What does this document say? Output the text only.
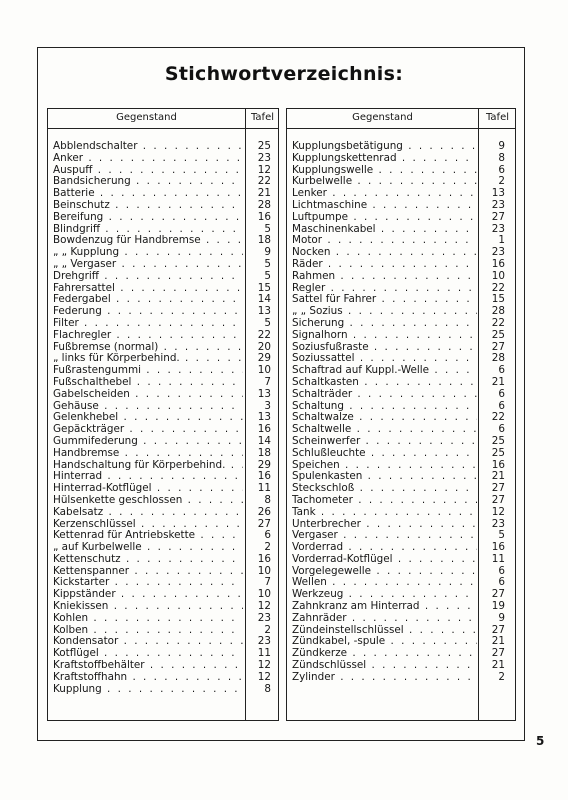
Stichwortverzeichnis:
Gegenstand	Tafel
Abblendschalter . . .	25
Anker . . .	23
Auspuff . . .	12
Bandsicherung . . .	22
Batterie . . .	21
Beinschutz . . .	28
Bereifung . . .	16
Blindgriff . . .	5
Bowdenzug für Handbremse . . .	18
„ „ Kupplung . . .	9
„ „ Vergaser . . .	5
Drehgriff . . .	5
Fahrersattel . . .	15
Federgabel . . .	14
Federung . . .	13
Filter . . .	5
Flachregler . . .	22
Fußbremse (normal) . . .	20
„ links für Körperbehind. . . .	29
Fußrastengummi . . .	10
Fußschalthebel . . .	7
Gabelscheiden . . .	13
Gehäuse . . .	3
Gelenkhebel . . .	13
Gepäckträger . . .	16
Gummifederung . . .	14
Handbremse . . .	18
Handschaltung für Körperbehind. . . .	29
Hinterrad . . .	16
Hinterrad-Kotflügel . . .	11
Hülsenkette geschlossen . . .	8
Kabelsatz . . .	26
Kerzenschlüssel . . .	27
Kettenrad für Antriebskette . . .	6
„ auf Kurbelwelle . . .	2
Kettenschutz . . .	16
Kettenspanner . . .	10
Kickstarter . . .	7
Kippständer . . .	10
Kniekissen . . .	12
Kohlen . . .	23
Kolben . . .	2
Kondensator . . .	23
Kotflügel . . .	11
Kraftstoffbehälter . . .	12
Kraftstoffhahn . . .	12
Kupplung . . .	8
Gegenstand	Tafel
Kupplungsbetätigung . . .	9
Kupplungskettenrad . . .	8
Kupplungswelle . . .	6
Kurbelwelle . . .	2
Lenker . . .	13
Lichtmaschine . . .	23
Luftpumpe . . .	27
Maschinenkabel . . .	23
Motor . . .	1
Nocken . . .	23
Räder . . .	16
Rahmen . . .	10
Regler . . .	22
Sattel für Fahrer . . .	15
„ „ Sozius . . .	28
Sicherung . . .	22
Signalhorn . . .	25
Soziusfußraste . . .	27
Soziussattel . . .	28
Schaftrad auf Kuppl.-Welle . . .	6
Schaltkasten . . .	21
Schalträder . . .	6
Schaltung . . .	6
Schaltwalze . . .	22
Schaltwelle . . .	6
Scheinwerfer . . .	25
Schlußleuchte . . .	25
Speichen . . .	16
Spulenkasten . . .	21
Steckschloß . . .	27
Tachometer . . .	27
Tank . . .	12
Unterbrecher . . .	23
Vergaser . . .	5
Vorderrad . . .	16
Vorderrad-Kotflügel . . .	11
Vorgelegewelle . . .	6
Wellen . . .	6
Werkzeug . . .	27
Zahnkranz am Hinterrad . . .	19
Zahnräder . . .	9
Zündeinstellschlüssel . . .	27
Zündkabel, -spule . . .	21
Zündkerze . . .	27
Zündschlüssel . . .	21
Zylinder . . .	2
5
